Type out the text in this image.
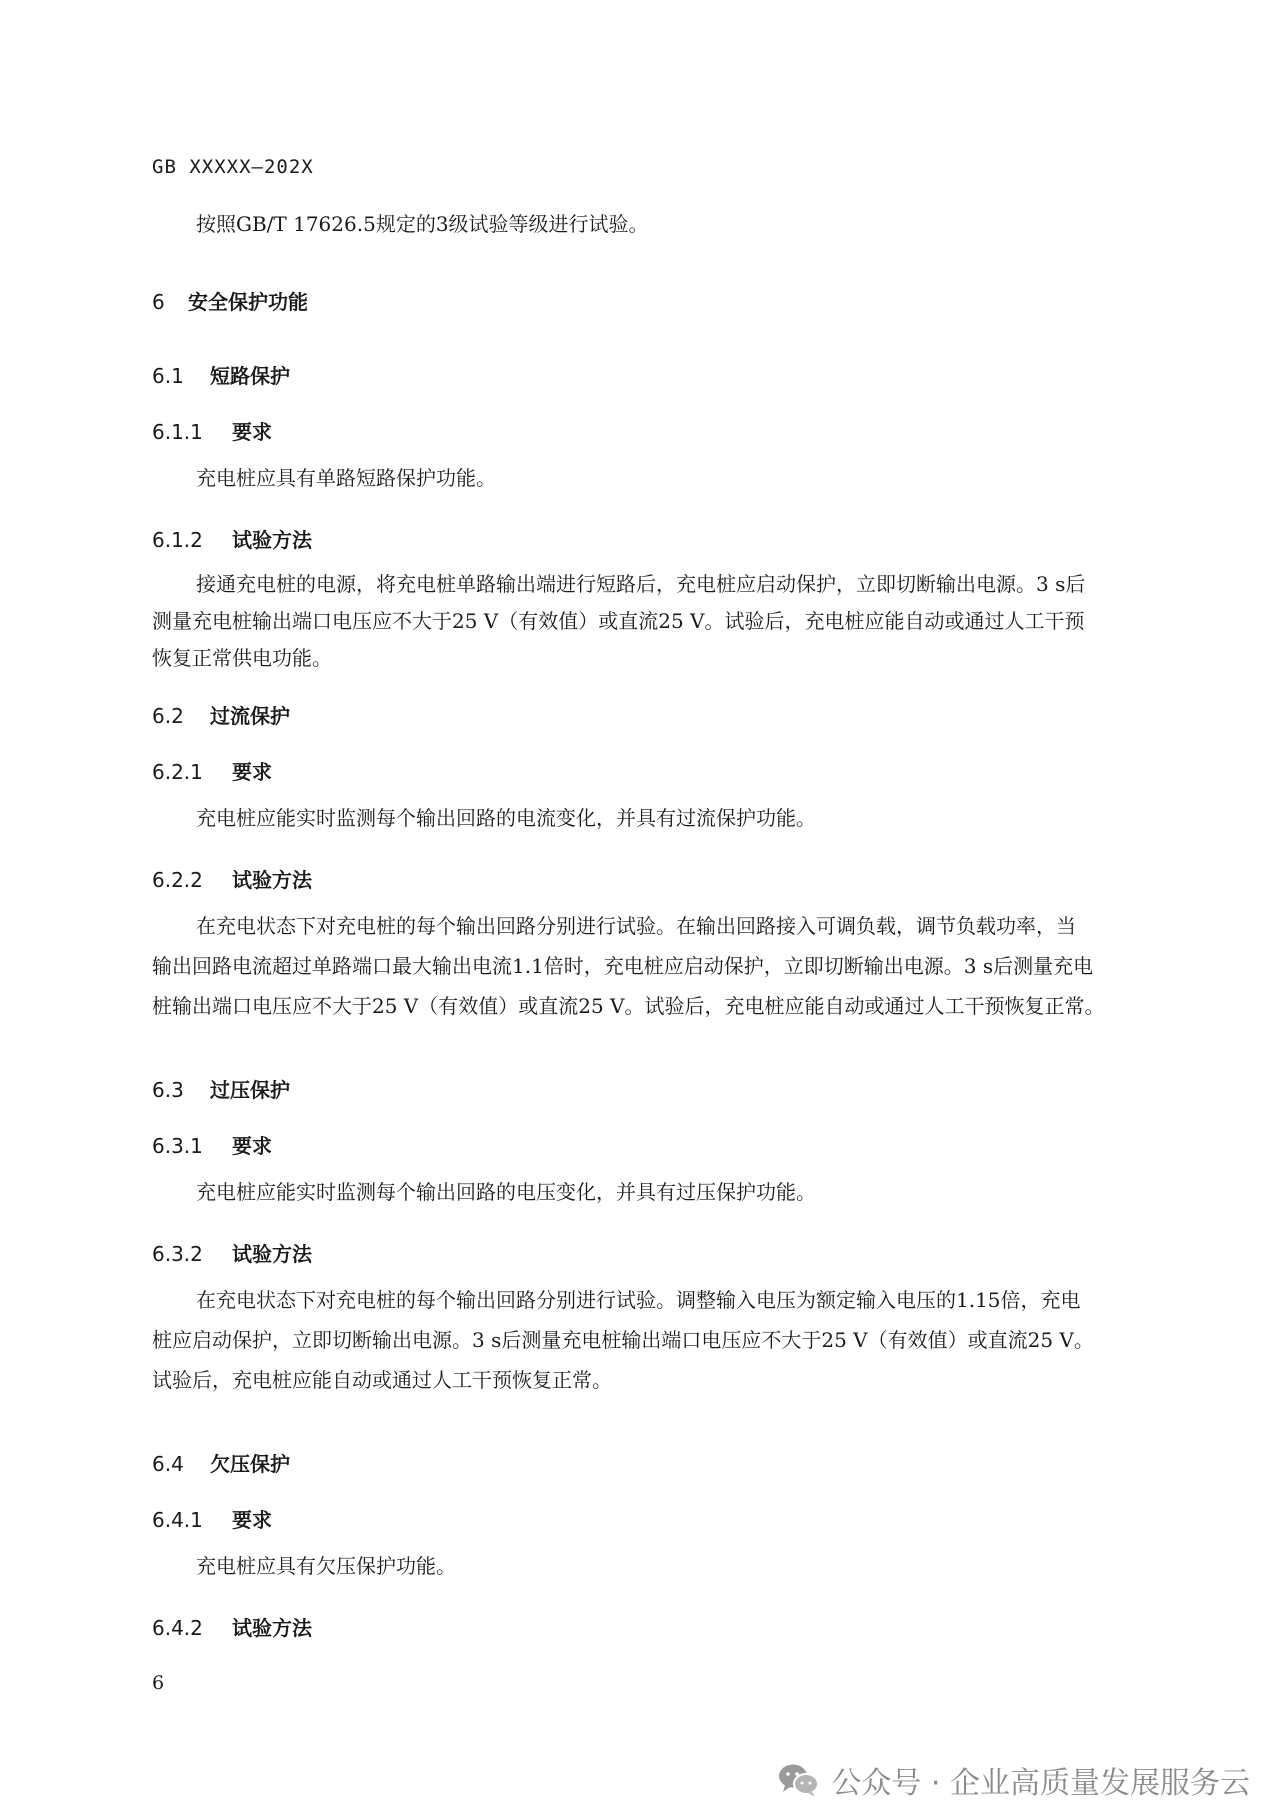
GB XXXXX—202X
按照GB/T 17626.5规定的3级试验等级进行试验。
6 安全保护功能
6.1 短路保护
6.1.1 要求
充电桩应具有单路短路保护功能。
6.1.2 试验方法
接通充电桩的电源，将充电桩单路输出端进行短路后，充电桩应启动保护，立即切断输出电源。3 s后
测量充电桩输出端口电压应不大于25 V（有效值）或直流25 V。试验后，充电桩应能自动或通过人工干预
恢复正常供电功能。
6.2 过流保护
6.2.1 要求
充电桩应能实时监测每个输出回路的电流变化，并具有过流保护功能。
6.2.2 试验方法
在充电状态下对充电桩的每个输出回路分别进行试验。在输出回路接入可调负载，调节负载功率，当
输出回路电流超过单路端口最大输出电流1.1倍时，充电桩应启动保护，立即切断输出电源。3 s后测量充电
桩输出端口电压应不大于25 V（有效值）或直流25 V。试验后，充电桩应能自动或通过人工干预恢复正常。
6.3 过压保护
6.3.1 要求
充电桩应能实时监测每个输出回路的电压变化，并具有过压保护功能。
6.3.2 试验方法
在充电状态下对充电桩的每个输出回路分别进行试验。调整输入电压为额定输入电压的1.15倍，充电
桩应启动保护，立即切断输出电源。3 s后测量充电桩输出端口电压应不大于25 V（有效值）或直流25 V。
试验后，充电桩应能自动或通过人工干预恢复正常。
6.4 欠压保护
6.4.1 要求
充电桩应具有欠压保护功能。
6.4.2 试验方法
6
公众号 · 企业高质量发展服务云
